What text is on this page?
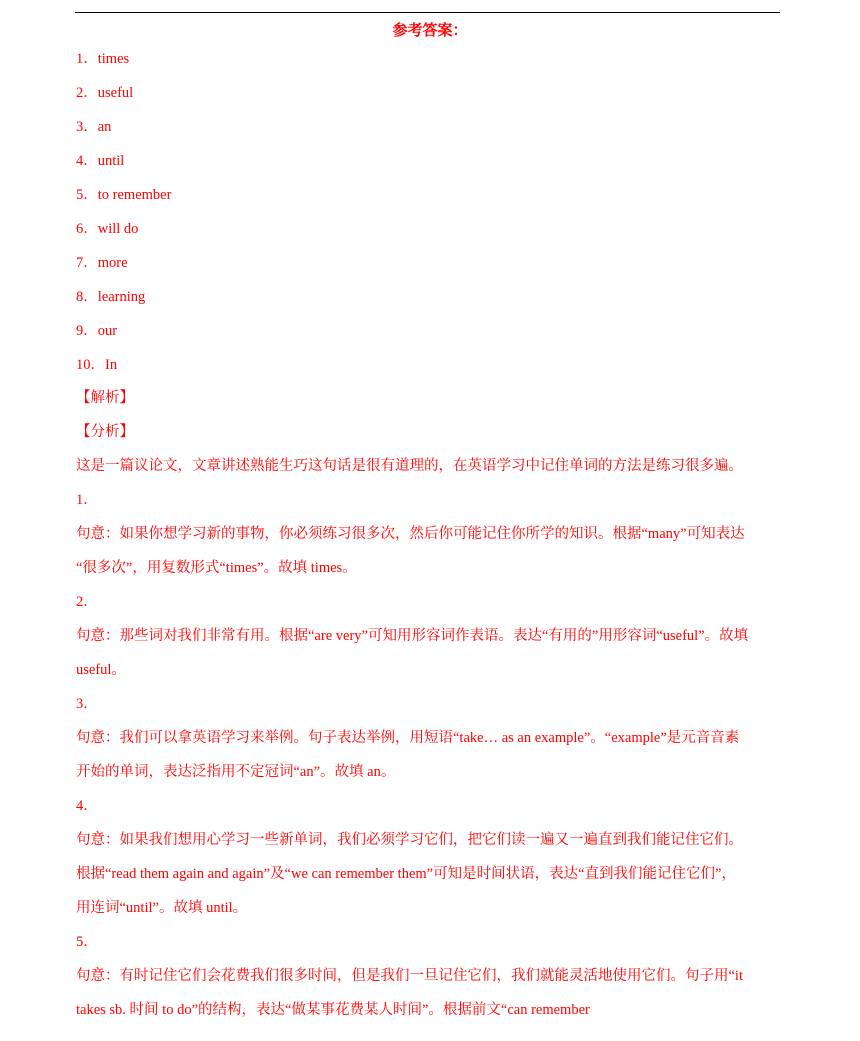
参考答案：
1．times
2．useful
3．an
4．until
5．to remember
6．will do
7．more
8．learning
9．our
10．In
【解析】
【分析】
这是一篇议论文，文章讲述熟能生巧这句话是很有道理的，在英语学习中记住单词的方法是练习很多遍。
1．
句意：如果你想学习新的事物，你必须练习很多次，然后你可能记住你所学的知识。根据“many”可知表达
“很多次”，用复数形式“times”。故填 times。
2．
句意：那些词对我们非常有用。根据“are very”可知用形容词作表语。表达“有用的”用形容词“useful”。故填
useful。
3．
句意：我们可以拿英语学习来举例。句子表达举例，用短语“take… as an example”。“example”是元音音素
开始的单词，表达泛指用不定冠词“an”。故填 an。
4．
句意：如果我们想用心学习一些新单词，我们必须学习它们，把它们读一遍又一遍直到我们能记住它们。
根据“read them again and again”及“we can remember them”可知是时间状语，表达“直到我们能记住它们”，
用连词“until”。故填 until。
5．
句意：有时记住它们会花费我们很多时间，但是我们一旦记住它们，我们就能灵活地使用它们。句子用“it
takes sb. 时间 to do”的结构，表达“做某事花费某人时间”。根据前文“can remember
